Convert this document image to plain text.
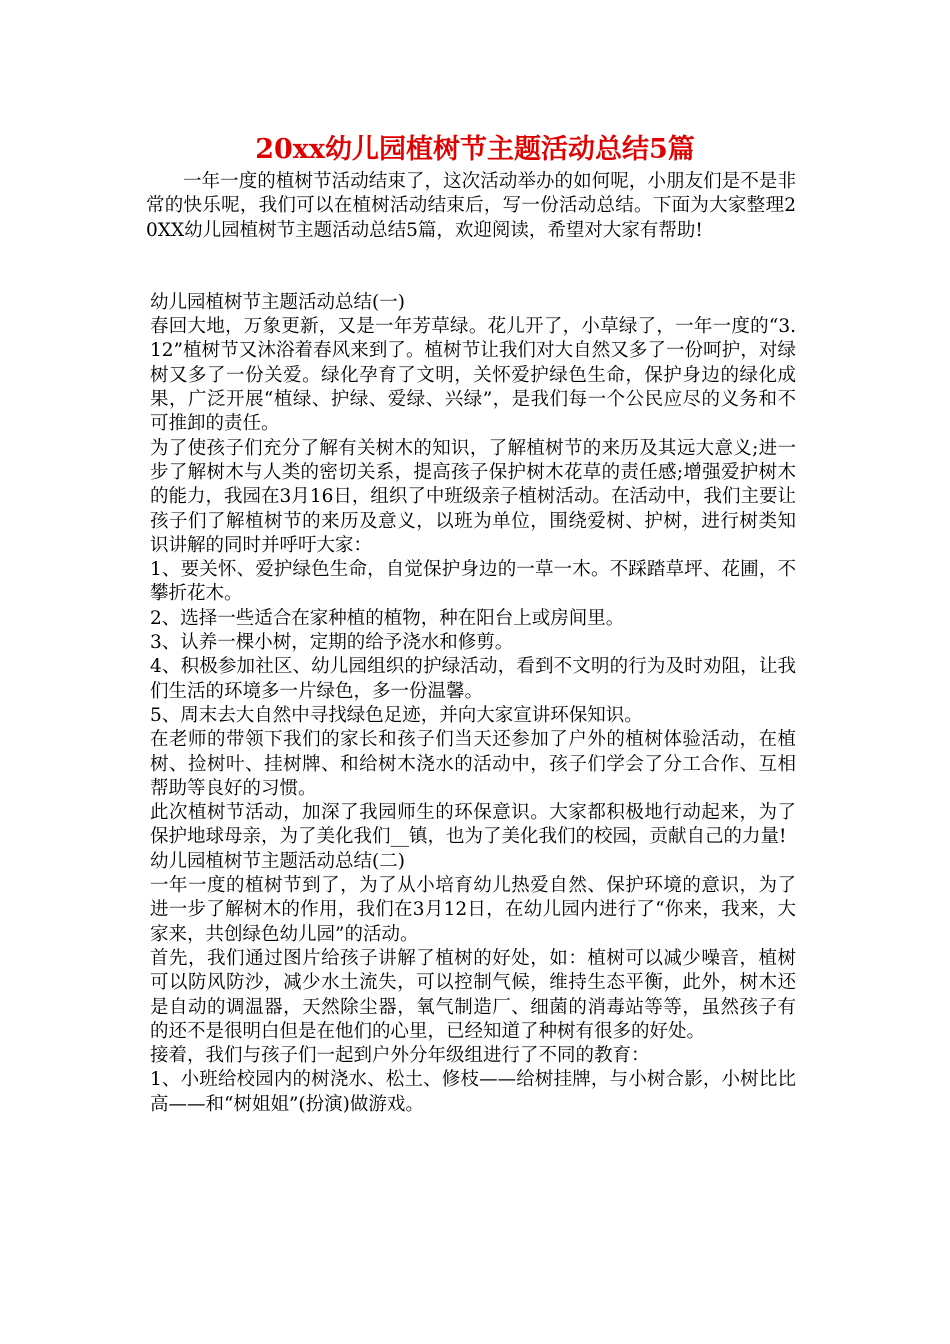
20xx幼儿园植树节主题活动总结5篇

一年一度的植树节活动结束了，这次活动举办的如何呢，小朋友们是不是非常的快乐呢，我们可以在植树活动结束后，写一份活动总结。下面为大家整理20XX幼儿园植树节主题活动总结5篇，欢迎阅读，希望对大家有帮助!

幼儿园植树节主题活动总结(一)

春回大地，万象更新，又是一年芳草绿。花儿开了，小草绿了，一年一度的“3.12”植树节又沐浴着春风来到了。植树节让我们对大自然又多了一份呵护，对绿树又多了一份关爱。绿化孕育了文明，关怀爱护绿色生命，保护身边的绿化成果，广泛开展“植绿、护绿、爱绿、兴绿”，是我们每一个公民应尽的义务和不可推卸的责任。

为了使孩子们充分了解有关树木的知识，了解植树节的来历及其远大意义;进一步了解树木与人类的密切关系，提高孩子保护树木花草的责任感;增强爱护树木的能力，我园在3月16日，组织了中班级亲子植树活动。在活动中，我们主要让孩子们了解植树节的来历及意义，以班为单位，围绕爱树、护树，进行树类知识讲解的同时并呼吁大家：

1、要关怀、爱护绿色生命，自觉保护身边的一草一木。不踩踏草坪、花圃，不攀折花木。

2、选择一些适合在家种植的植物，种在阳台上或房间里。

3、认养一棵小树，定期的给予浇水和修剪。

4、积极参加社区、幼儿园组织的护绿活动，看到不文明的行为及时劝阻，让我们生活的环境多一片绿色，多一份温馨。

5、周末去大自然中寻找绿色足迹，并向大家宣讲环保知识。

在老师的带领下我们的家长和孩子们当天还参加了户外的植树体验活动，在植树、捡树叶、挂树牌、和给树木浇水的活动中，孩子们学会了分工合作、互相帮助等良好的习惯。

此次植树节活动，加深了我园师生的环保意识。大家都积极地行动起来，为了保护地球母亲，为了美化我们__镇，也为了美化我们的校园，贡献自己的力量!

幼儿园植树节主题活动总结(二)

一年一度的植树节到了，为了从小培育幼儿热爱自然、保护环境的意识，为了进一步了解树木的作用，我们在3月12日，在幼儿园内进行了“你来，我来，大家来，共创绿色幼儿园”的活动。

首先，我们通过图片给孩子讲解了植树的好处，如：植树可以减少噪音，植树可以防风防沙，减少水土流失，可以控制气候，维持生态平衡，此外，树木还是自动的调温器，天然除尘器，氧气制造厂、细菌的消毒站等等，虽然孩子有的还不是很明白但是在他们的心里，已经知道了种树有很多的好处。

接着，我们与孩子们一起到户外分年级组进行了不同的教育：

1、小班给校园内的树浇水、松土、修枝——给树挂牌，与小树合影，小树比比高——和“树姐姐”(扮演)做游戏。
